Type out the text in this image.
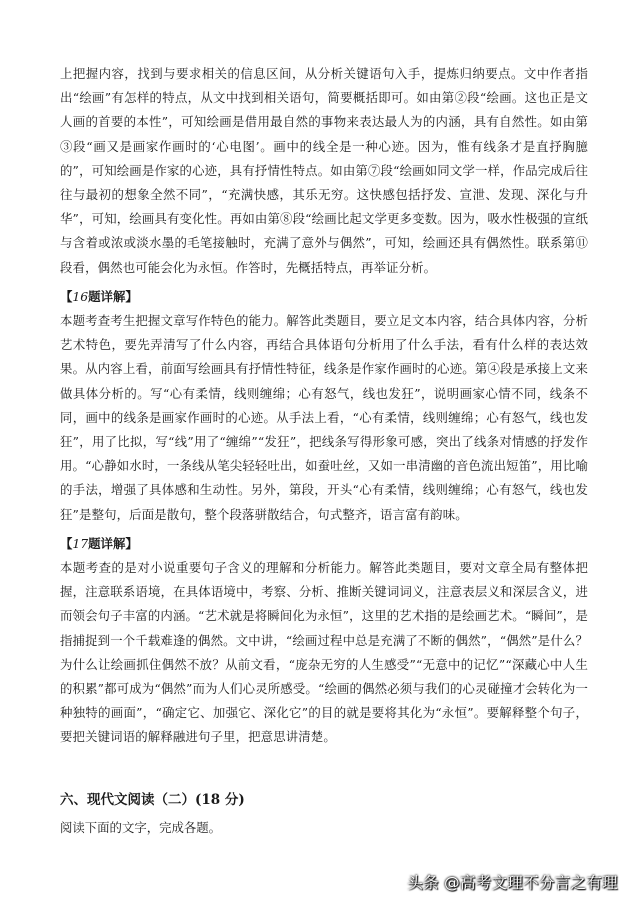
上把握内容，找到与要求相关的信息区间，从分析关键语句入手，提炼归纳要点。文中作者指出“绘画”有怎样的特点，从文中找到相关语句，简要概括即可。如由第②段“绘画。这也正是文人画的首要的本性”，可知绘画是借用最自然的事物来表达最人为的内涵，具有自然性。如由第③段“画又是画家作画时的‘心电图’。画中的线全是一种心迹。因为，惟有线条才是直抒胸臆的”，可知绘画是作家的心迹，具有抒情性特点。如由第⑦段“绘画如同文学一样，作品完成后往往与最初的想象全然不同”，“充满快感，其乐无穷。这快感包括抒发、宣泄、发现、深化与升华”，可知，绘画具有变化性。再如由第⑧段“绘画比起文学更多变数。因为，吸水性极强的宣纸与含着或浓或淡水墨的毛笔接触时，充满了意外与偶然”，可知，绘画还具有偶然性。联系第⑪ 段看，偶然也可能会化为永恒。作答时，先概括特点，再举证分析。

【16题详解】

本题考查考生把握文章写作特色的能力。解答此类题目，要立足文本内容，结合具体内容，分析艺术特色，要先弄清写了什么内容，再结合具体语句分析用了什么手法，看有什么样的表达效果。从内容上看，前面写绘画具有抒情性特征，线条是作家作画时的心迹。第④段是承接上文来做具体分析的。写“心有柔情，线则缠绵；心有怒气，线也发狂”，说明画家心情不同，线条不同，画中的线条是画家作画时的心迹。从手法上看，“心有柔情，线则缠绵；心有怒气，线也发狂”，用了比拟，写“线”用了“缠绵”“发狂”，把线条写得形象可感，突出了线条对情感的抒发作用。“心静如水时，一条线从笔尖轻轻吐出，如蚕吐丝，又如一串清幽的音色流出短笛”，用比喻的手法，增强了具体感和生动性。另外，第段，开头“心有柔情，线则缠绵；心有怒气，线也发狂”是整句，后面是散句，整个段落骈散结合，句式整齐，语言富有韵味。

【17题详解】

本题考查的是对小说重要句子含义的理解和分析能力。解答此类题目，要对文章全局有整体把握，注意联系语境，在具体语境中，考察、分析、推断关键词词义，注意表层义和深层含义，进而领会句子丰富的内涵。“艺术就是将瞬间化为永恒”，这里的艺术指的是绘画艺术。“瞬间”，是指捕捉到一个千载难逢的偶然。文中讲，“绘画过程中总是充满了不断的偶然”，“偶然”是什么？为什么让绘画抓住偶然不放？从前文看，“庞杂无穷的人生感受”“无意中的记忆”“深藏心中人生的积累”都可成为“偶然”而为人们心灵所感受。“绘画的偶然必须与我们的心灵碰撞才会转化为一种独特的画面”，“确定它、加强它、深化它”的目的就是要将其化为“永恒”。要解释整个句子，要把关键词语的解释融进句子里，把意思讲清楚。

六、现代文阅读（二）(18 分)

阅读下面的文字，完成各题。

头条 @高考文理不分言之有理
